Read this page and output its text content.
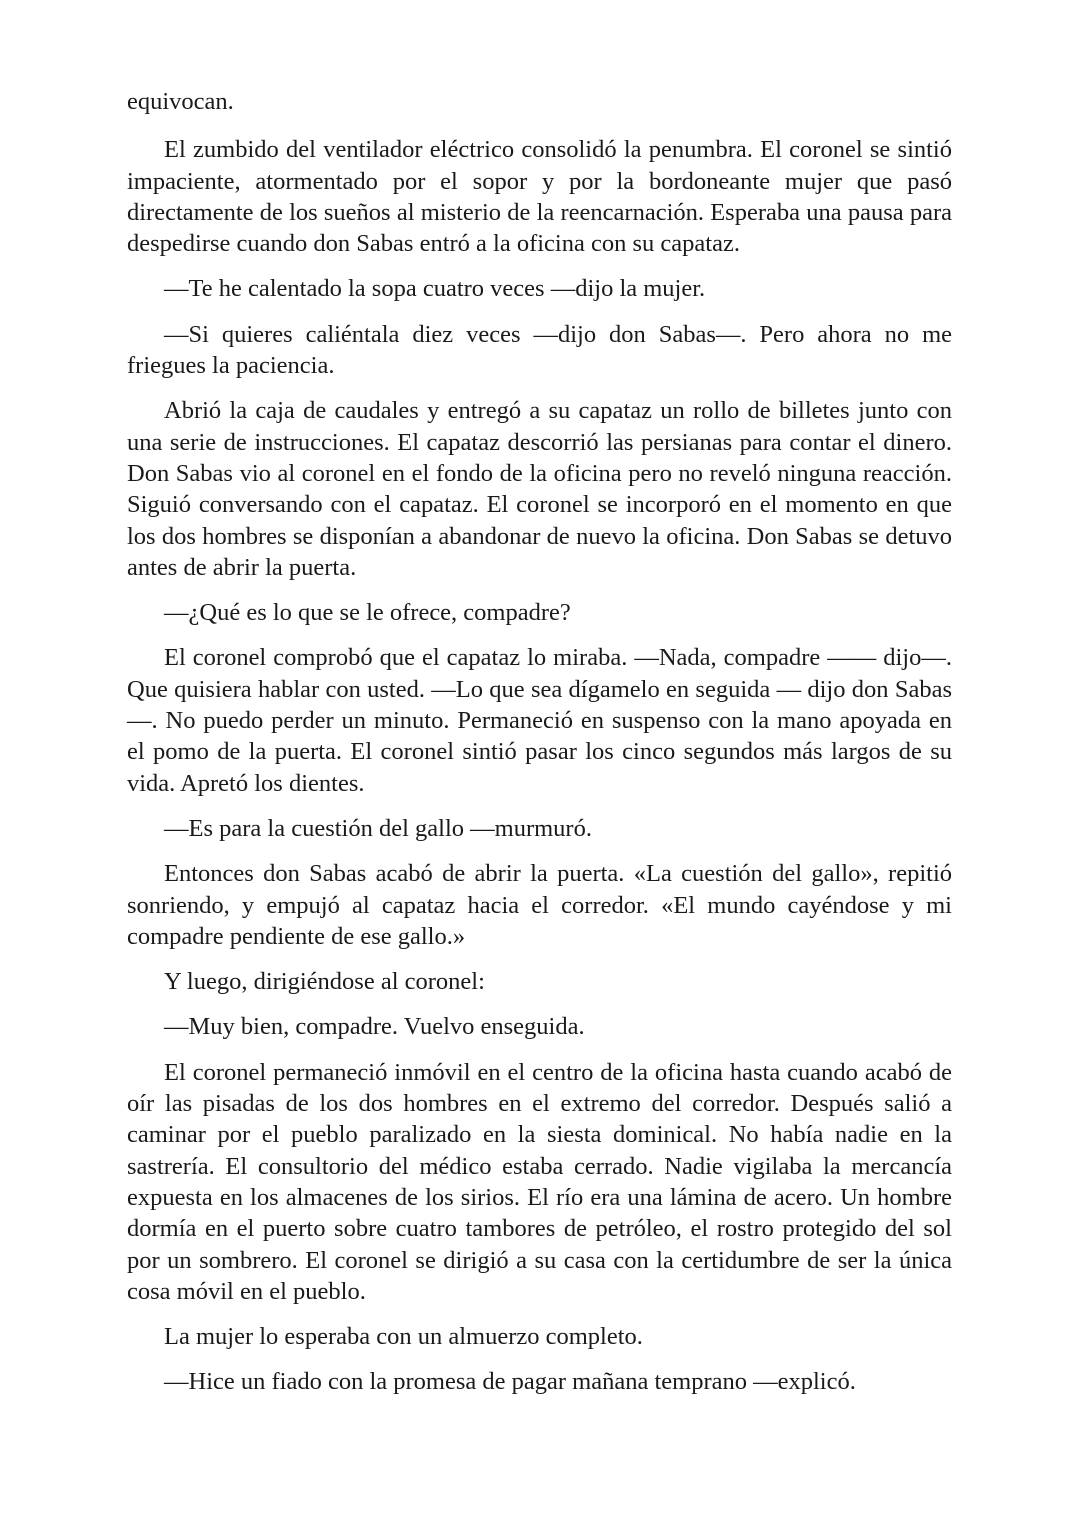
equivocan.

El zumbido del ventilador eléctrico consolidó la penumbra. El coronel se sintió impaciente, atormentado por el sopor y por la bordoneante mujer que pasó directamente de los sueños al misterio de la reencarnación. Esperaba una pausa para despedirse cuando don Sabas entró a la oficina con su capataz.

—Te he calentado la sopa cuatro veces —dijo la mujer.

—Si quieres caliéntala diez veces —dijo don Sabas—. Pero ahora no me friegues la paciencia.

Abrió la caja de caudales y entregó a su capataz un rollo de billetes junto con una serie de instrucciones. El capataz descorrió las persianas para contar el dinero. Don Sabas vio al coronel en el fondo de la oficina pero no reveló ninguna reacción. Siguió conversando con el capataz. El coronel se incorporó en el momento en que los dos hombres se disponían a abandonar de nuevo la oficina. Don Sabas se detuvo antes de abrir la puerta.

—¿Qué es lo que se le ofrece, compadre?

El coronel comprobó que el capataz lo miraba. —Nada, compadre —— dijo—. Que quisiera hablar con usted. —Lo que sea dígamelo en seguida — dijo don Sabas—. No puedo perder un minuto. Permaneció en suspenso con la mano apoyada en el pomo de la puerta. El coronel sintió pasar los cinco segundos más largos de su vida. Apretó los dientes.

—Es para la cuestión del gallo —murmuró.

Entonces don Sabas acabó de abrir la puerta. «La cuestión del gallo», repitió sonriendo, y empujó al capataz hacia el corredor. «El mundo cayéndose y mi compadre pendiente de ese gallo.»

Y luego, dirigiéndose al coronel:

—Muy bien, compadre. Vuelvo enseguida.

El coronel permaneció inmóvil en el centro de la oficina hasta cuando acabó de oír las pisadas de los dos hombres en el extremo del corredor. Después salió a caminar por el pueblo paralizado en la siesta dominical. No había nadie en la sastrería. El consultorio del médico estaba cerrado. Nadie vigilaba la mercancía expuesta en los almacenes de los sirios. El río era una lámina de acero. Un hombre dormía en el puerto sobre cuatro tambores de petróleo, el rostro protegido del sol por un sombrero. El coronel se dirigió a su casa con la certidumbre de ser la única cosa móvil en el pueblo.

La mujer lo esperaba con un almuerzo completo.

—Hice un fiado con la promesa de pagar mañana temprano —explicó.
